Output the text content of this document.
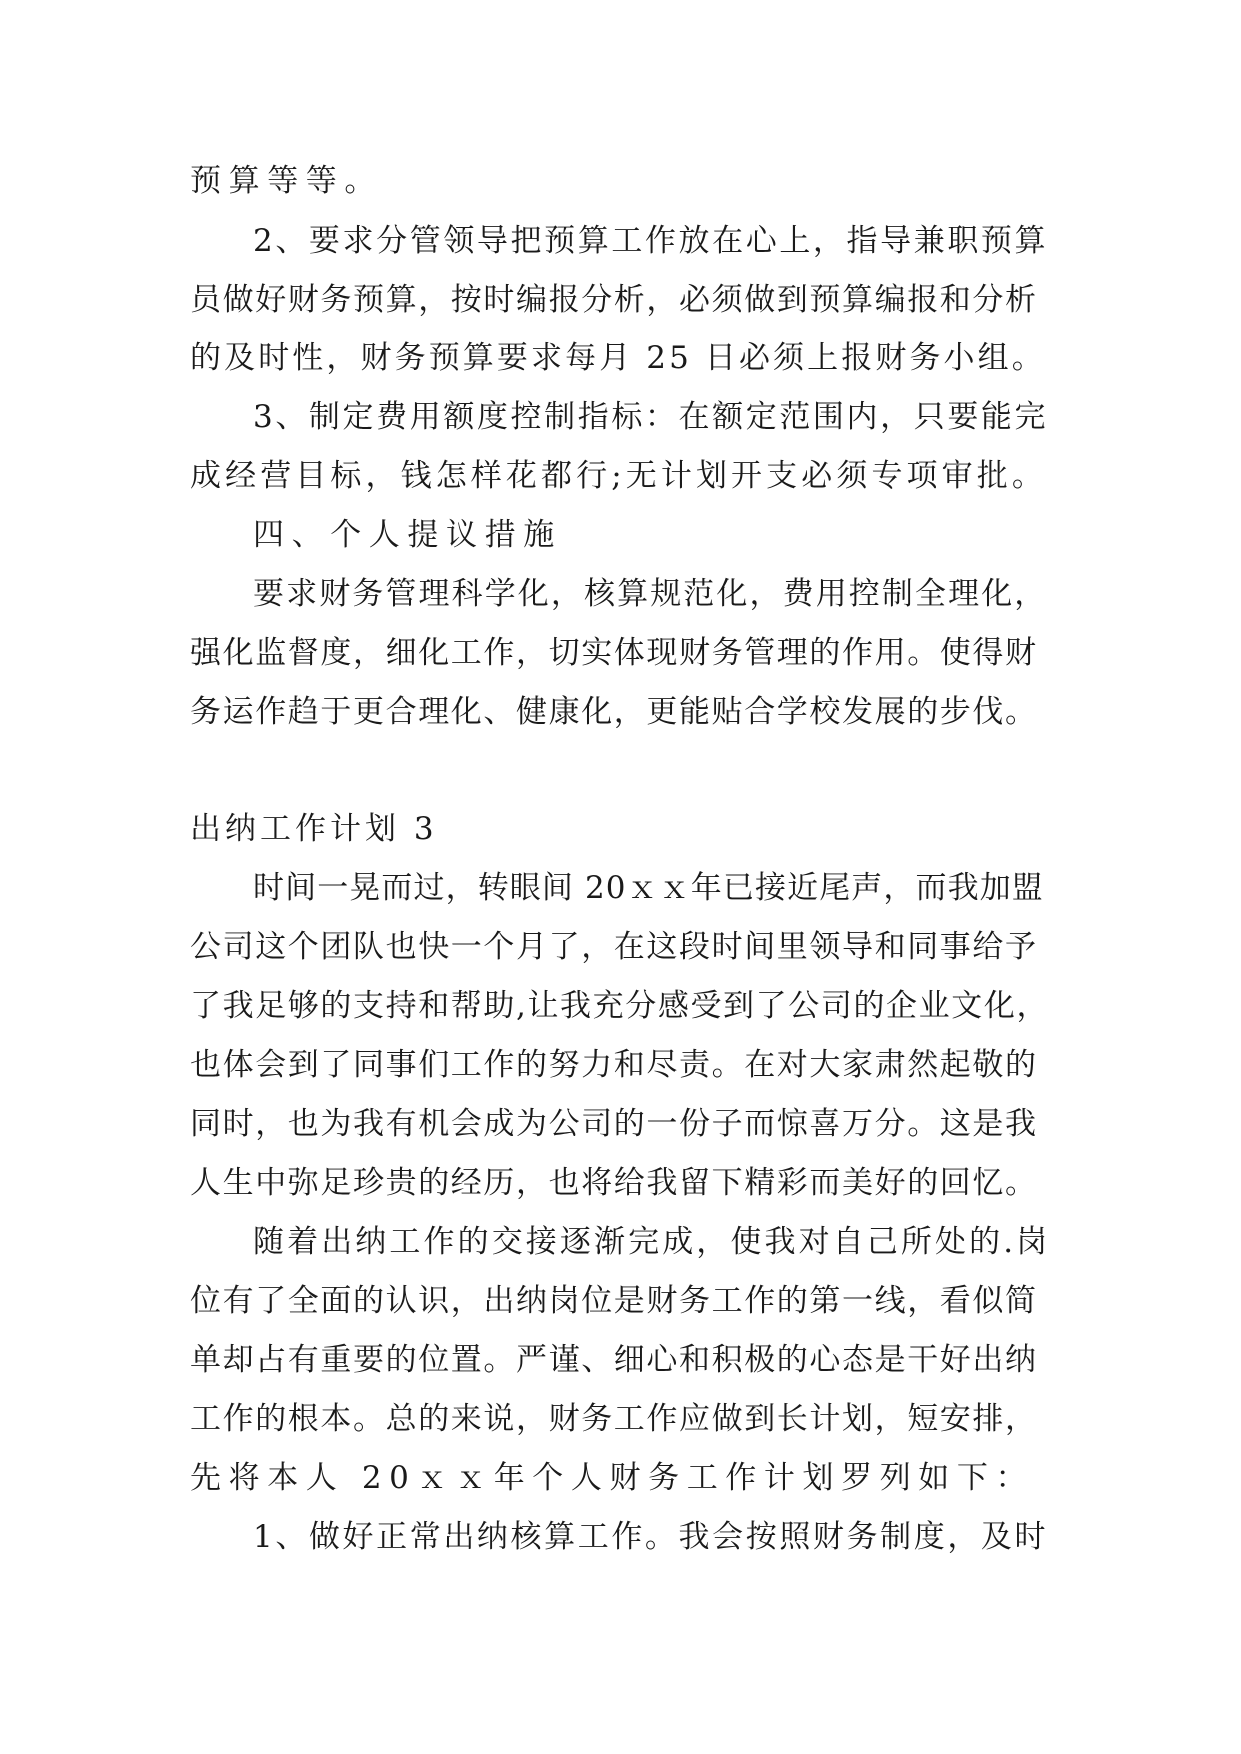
预算等等。
2、要求分管领导把预算工作放在心上，指导兼职预算
员做好财务预算，按时编报分析，必须做到预算编报和分析
的及时性，财务预算要求每月 25 日必须上报财务小组。
3、制定费用额度控制指标：在额定范围内，只要能完
成经营目标，钱怎样花都行;无计划开支必须专项审批。
四、个人提议措施
要求财务管理科学化，核算规范化，费用控制全理化，
强化监督度，细化工作，切实体现财务管理的作用。使得财
务运作趋于更合理化、健康化，更能贴合学校发展的步伐。
出纳工作计划 3
时间一晃而过，转眼间 20ｘｘ年已接近尾声，而我加盟
公司这个团队也快一个月了，在这段时间里领导和同事给予
了我足够的支持和帮助,让我充分感受到了公司的企业文化，
也体会到了同事们工作的努力和尽责。在对大家肃然起敬的
同时，也为我有机会成为公司的一份子而惊喜万分。这是我
人生中弥足珍贵的经历，也将给我留下精彩而美好的回忆。
随着出纳工作的交接逐渐完成，使我对自己所处的.岗
位有了全面的认识，出纳岗位是财务工作的第一线，看似简
单却占有重要的位置。严谨、细心和积极的心态是干好出纳
工作的根本。总的来说，财务工作应做到长计划，短安排，
先将本人 20ｘｘ年个人财务工作计划罗列如下：
1、做好正常出纳核算工作。我会按照财务制度，及时
